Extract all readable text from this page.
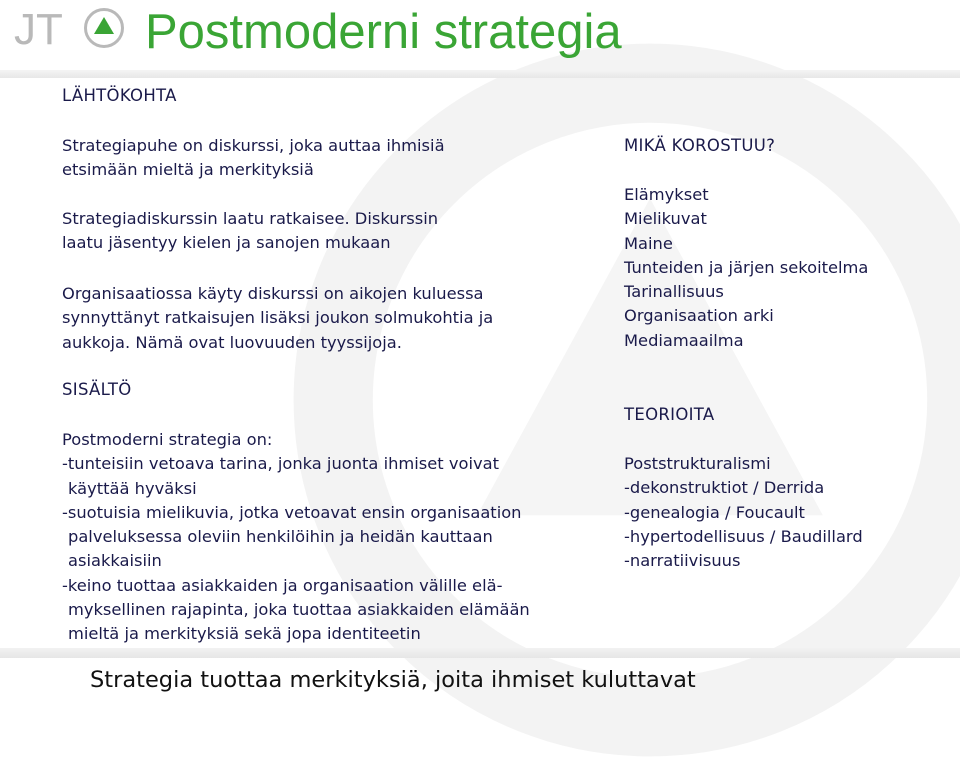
JT Postmoderni strategia
LÄHTÖKOHTA
Strategiapuhe on diskurssi, joka auttaa ihmisiä
etsimään mieltä ja merkityksiä
Strategiadiskurssin laatu ratkaisee. Diskurssin
laatu jäsentyy kielen ja sanojen mukaan
Organisaatiossa käyty diskurssi on aikojen kuluessa
synnyttänyt ratkaisujen lisäksi joukon solmukohtia ja
aukkoja. Nämä ovat luovuuden tyyssijoja.
SISÄLTÖ
Postmoderni strategia on:
-tunteisiin vetoava tarina, jonka juonta ihmiset voivat
käyttää hyväksi
-suotuisia mielikuvia, jotka vetoavat ensin organisaation
palveluksessa oleviin henkilöihin ja heidän kauttaan
asiakkaisiin
-keino tuottaa asiakkaiden ja organisaation välille elä-
myksellinen rajapinta, joka tuottaa asiakkaiden elämään
mieltä ja merkityksiä sekä jopa identiteetin
MIKÄ KOROSTUU?
Elämykset
Mielikuvat
Maine
Tunteiden ja järjen sekoitelma
Tarinallisuus
Organisaation arki
Mediamaailma
TEORIOITA
Poststrukturalismi
-dekonstruktiot / Derrida
-genealogia / Foucault
-hypertodellisuus / Baudillard
-narratiivisuus
Strategia tuottaa merkityksiä, joita ihmiset kuluttavat
